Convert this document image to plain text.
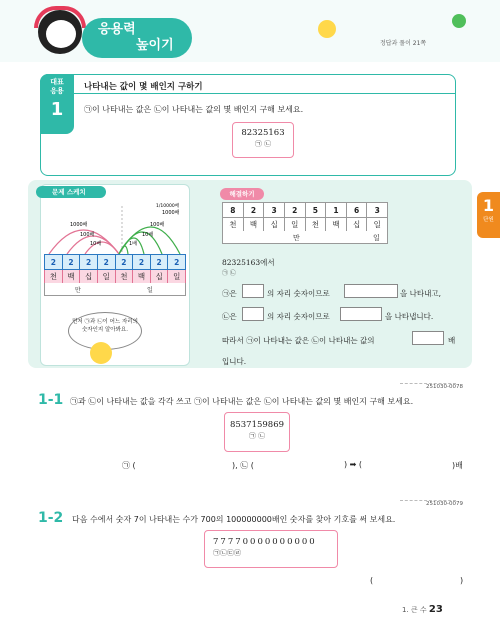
응용력
높이기	정답과 풀이 21쪽
대표
응용
1
나타내는 값이 몇 배인지 구하기
㉠이 나타내는 값은 ㉡이 나타내는 값의 몇 배인지 구해 보세요.
82325163
㉠ ㉡
문제 스케치
1000배
100배
10배
1000배
100배
10배
1배
1/10000배
2	2	2	2	2	2	2	2
천	백	십	일	천	백	십	일
만	일
먼저 ㉠과 ㉡이 어느 자리의 숫자인지 알아봐요.
해결하기
1
단원
8	2	3	2	5	1	6	3
천	백	십	일	천	백	십	일
만	일
82325163에서
㉠ ㉡
㉠은	의 자리 숫자이므로	을 나타내고,
㉡은	의 자리 숫자이므로	을 나타냅니다.
따라서 ㉠이 나타내는 값은 ㉡이 나타내는 값의	배
입니다.
251030-0078
1-1 ㉠과 ㉡이 나타내는 값을 각각 쓰고 ㉠이 나타내는 값은 ㉡이 나타내는 값의 몇 배인지 구해 보세요.
8537159869
㉠ ㉡
㉠ (	), ㉡ (	) ➡ (	)배
251030-0079
1-2 다음 수에서 숫자 7이 나타내는 수가 700의 100000000배인 숫자를 찾아 기호를 써 보세요.
77770000000000
㉠㉡㉢㉣
(	)
1. 큰 수 23
